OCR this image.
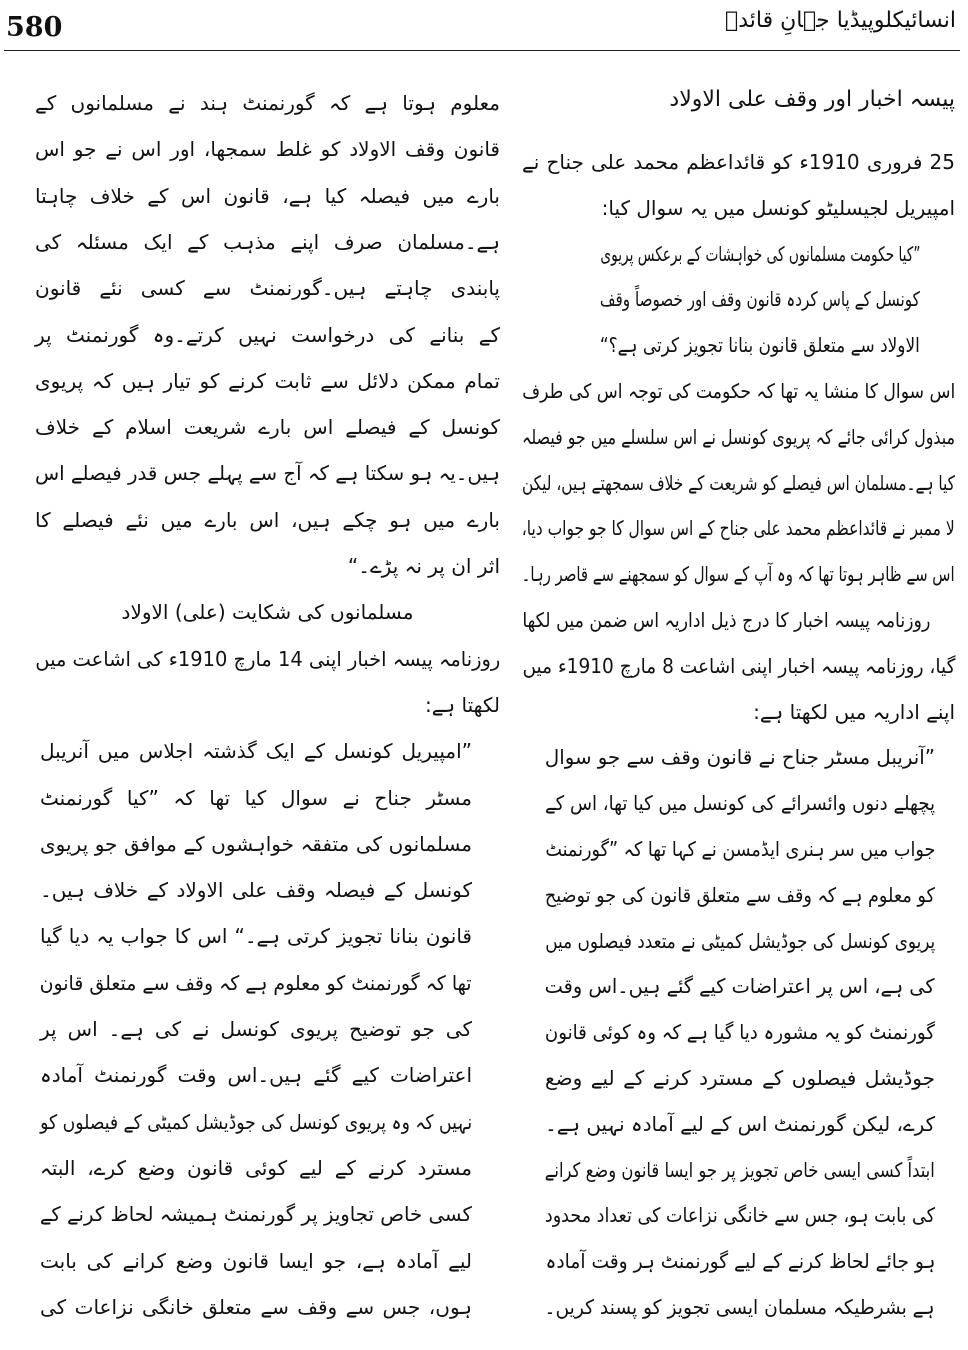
580	انسائیکلوپیڈیا جہانِ قائدؒ
پیسہ اخبار اور وقف علی الاولاد
25 فروری 1910ء کو قائداعظم محمد علی جناح نے
امپیریل لجیسلیٹو کونسل میں یہ سوال کیا:
”کیا حکومت مسلمانوں کی خواہشات کے برعکس پریوی
کونسل کے پاس کردہ قانون وقف اور خصوصاً وقف
الاولاد سے متعلق قانون بنانا تجویز کرتی ہے؟“
اس سوال کا منشا یہ تھا کہ حکومت کی توجہ اس کی طرف
مبذول کرائی جائے کہ پریوی کونسل نے اس سلسلے میں جو فیصلہ
کیا ہے۔مسلمان اس فیصلے کو شریعت کے خلاف سمجھتے ہیں، لیکن
لا ممبر نے قائداعظم محمد علی جناح کے اس سوال کا جو جواب دیا،
اس سے ظاہر ہوتا تھا کہ وہ آپ کے سوال کو سمجھنے سے قاصر رہا۔
روزنامہ پیسہ اخبار کا درج ذیل اداریہ اس ضمن میں لکھا
گیا، روزنامہ پیسہ اخبار اپنی اشاعت 8 مارچ 1910ء میں
اپنے اداریہ میں لکھتا ہے:
”آنریبل مسٹر جناح نے قانون وقف سے جو سوال
پچھلے دنوں وائسرائے کی کونسل میں کیا تھا، اس کے
جواب میں سر ہنری ایڈمسن نے کہا تھا کہ ”گورنمنٹ
کو معلوم ہے کہ وقف سے متعلق قانون کی جو توضیح
پریوی کونسل کی جوڈیشل کمیٹی نے متعدد فیصلوں میں
کی ہے، اس پر اعتراضات کیے گئے ہیں۔اس وقت
گورنمنٹ کو یہ مشورہ دیا گیا ہے کہ وہ کوئی قانون
جوڈیشل فیصلوں کے مسترد کرنے کے لیے وضع
کرے، لیکن گورنمنٹ اس کے لیے آمادہ نہیں ہے۔
ابتداً کسی ایسی خاص تجویز پر جو ایسا قانون وضع کرانے
کی بابت ہو، جس سے خانگی نزاعات کی تعداد محدود
ہو جائے لحاظ کرنے کے لیے گورنمنٹ ہر وقت آمادہ
ہے بشرطیکہ مسلمان ایسی تجویز کو پسند کریں۔
معلوم ہوتا ہے کہ گورنمنٹ ہند نے مسلمانوں کے
قانون وقف الاولاد کو غلط سمجھا، اور اس نے جو اس
بارے میں فیصلہ کیا ہے، قانون اس کے خلاف چاہتا
ہے۔مسلمان صرف اپنے مذہب کے ایک مسئلہ کی
پابندی چاہتے ہیں۔گورنمنٹ سے کسی نئے قانون
کے بنانے کی درخواست نہیں کرتے۔وہ گورنمنٹ پر
تمام ممکن دلائل سے ثابت کرنے کو تیار ہیں کہ پریوی
کونسل کے فیصلے اس بارے شریعت اسلام کے خلاف
ہیں۔یہ ہو سکتا ہے کہ آج سے پہلے جس قدر فیصلے اس
بارے میں ہو چکے ہیں، اس بارے میں نئے فیصلے کا
اثر ان پر نہ پڑے۔“
مسلمانوں کی شکایت (علی) الاولاد
روزنامہ پیسہ اخبار اپنی 14 مارچ 1910ء کی اشاعت میں
لکھتا ہے:
”امپیریل کونسل کے ایک گذشتہ اجلاس میں آنریبل
مسٹر جناح نے سوال کیا تھا کہ ”کیا گورنمنٹ
مسلمانوں کی متفقہ خواہشوں کے موافق جو پریوی
کونسل کے فیصلہ وقف علی الاولاد کے خلاف ہیں۔
قانون بنانا تجویز کرتی ہے۔“ اس کا جواب یہ دیا گیا
تھا کہ گورنمنٹ کو معلوم ہے کہ وقف سے متعلق قانون
کی جو توضیح پریوی کونسل نے کی ہے۔ اس پر
اعتراضات کیے گئے ہیں۔اس وقت گورنمنٹ آمادہ
نہیں کہ وہ پریوی کونسل کی جوڈیشل کمیٹی کے فیصلوں کو
مسترد کرنے کے لیے کوئی قانون وضع کرے، البتہ
کسی خاص تجاویز پر گورنمنٹ ہمیشہ لحاظ کرنے کے
لیے آمادہ ہے، جو ایسا قانون وضع کرانے کی بابت
ہوں، جس سے وقف سے متعلق خانگی نزاعات کی
